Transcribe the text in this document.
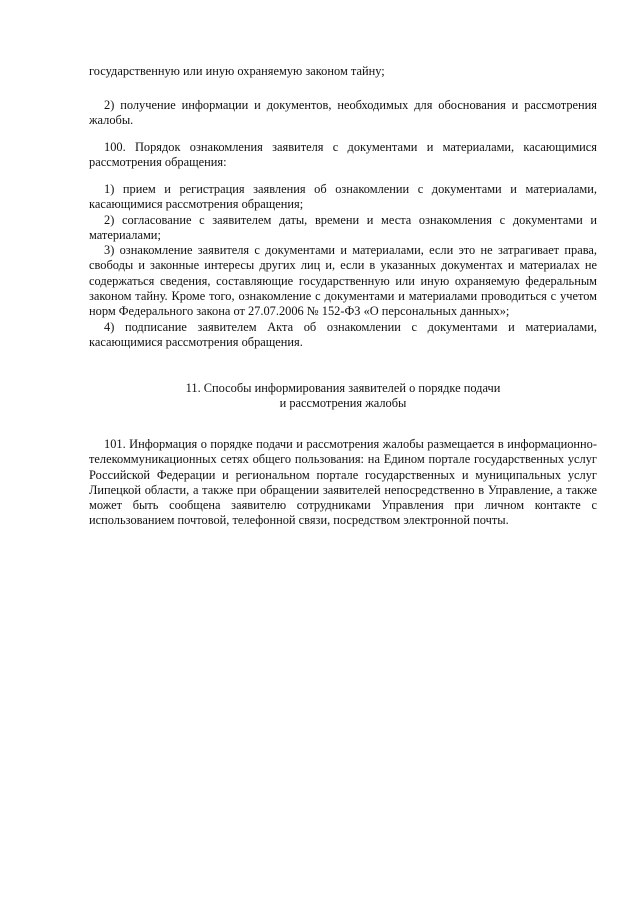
государственную или иную охраняемую законом тайну;

2) получение информации и документов, необходимых для обоснования и рассмотрения жалобы.

100. Порядок ознакомления заявителя с документами и материалами, касающимися рассмотрения обращения:

1) прием и регистрация заявления об ознакомлении с документами и материалами, касающимися рассмотрения обращения;

2) согласование с заявителем даты, времени и места ознакомления с документами и материалами;

3) ознакомление заявителя с документами и материалами, если это не затрагивает права, свободы и законные интересы других лиц и, если в указанных документах и материалах не содержаться сведения, составляющие государственную или иную охраняемую федеральным законом тайну. Кроме того, ознакомление с документами и материалами проводиться с учетом норм Федерального закона от 27.07.2006 № 152-ФЗ «О персональных данных»;

4) подписание заявителем Акта об ознакомлении с документами и материалами, касающимися рассмотрения обращения.

11. Способы информирования заявителей о порядке подачи

и рассмотрения жалобы

101. Информация о порядке подачи и рассмотрения жалобы размещается в информационно-телекоммуникационных сетях общего пользования: на Едином портале государственных услуг Российской Федерации и региональном портале государственных и муниципальных услуг Липецкой области, а также при обращении заявителей непосредственно в Управление, а также может быть сообщена заявителю сотрудниками Управления при личном контакте с использованием почтовой, телефонной связи, посредством электронной почты.
